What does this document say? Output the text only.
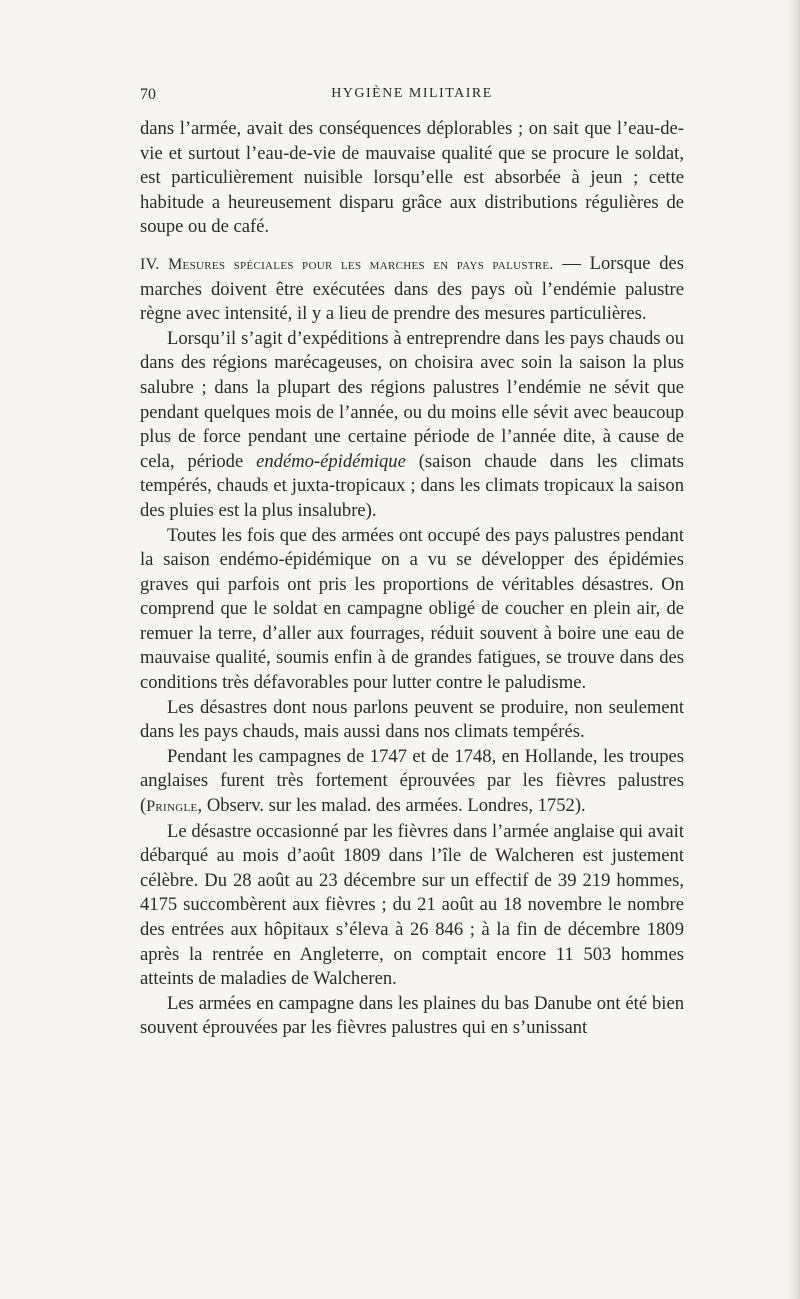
70	HYGIÈNE MILITAIRE

dans l’armée, avait des conséquences déplorables ; on sait que l’eau-de-vie et surtout l’eau-de-vie de mauvaise qualité que se procure le soldat, est particulièrement nuisible lorsqu’elle est absorbée à jeun ; cette habitude a heureusement disparu grâce aux distributions régulières de soupe ou de café.

IV. Mesures spéciales pour les marches en pays palustre. — Lorsque des marches doivent être exécutées dans des pays où l’endémie palustre règne avec intensité, il y a lieu de prendre des mesures particulières.

Lorsqu’il s’agit d’expéditions à entreprendre dans les pays chauds ou dans des régions marécageuses, on choisira avec soin la saison la plus salubre ; dans la plupart des régions palustres l’endémie ne sévit que pendant quelques mois de l’année, ou du moins elle sévit avec beaucoup plus de force pendant une certaine période de l’année dite, à cause de cela, période endémo-épidémique (saison chaude dans les climats tempérés, chauds et juxta-tropicaux ; dans les climats tropicaux la saison des pluies est la plus insalubre).

Toutes les fois que des armées ont occupé des pays palustres pendant la saison endémo-épidémique on a vu se développer des épidémies graves qui parfois ont pris les proportions de véritables désastres. On comprend que le soldat en campagne obligé de coucher en plein air, de remuer la terre, d’aller aux fourrages, réduit souvent à boire une eau de mauvaise qualité, soumis enfin à de grandes fatigues, se trouve dans des conditions très défavorables pour lutter contre le paludisme.

Les désastres dont nous parlons peuvent se produire, non seulement dans les pays chauds, mais aussi dans nos climats tempérés.

Pendant les campagnes de 1747 et de 1748, en Hollande, les troupes anglaises furent très fortement éprouvées par les fièvres palustres (Pringle, Observ. sur les malad. des armées. Londres, 1752).

Le désastre occasionné par les fièvres dans l’armée anglaise qui avait débarqué au mois d’août 1809 dans l’île de Walcheren est justement célèbre. Du 28 août au 23 décembre sur un effectif de 39 219 hommes, 4175 succombèrent aux fièvres ; du 21 août au 18 novembre le nombre des entrées aux hôpitaux s’éleva à 26 846 ; à la fin de décembre 1809 après la rentrée en Angleterre, on comptait encore 11 503 hommes atteints de maladies de Walcheren.

Les armées en campagne dans les plaines du bas Danube ont été bien souvent éprouvées par les fièvres palustres qui en s’unissant
